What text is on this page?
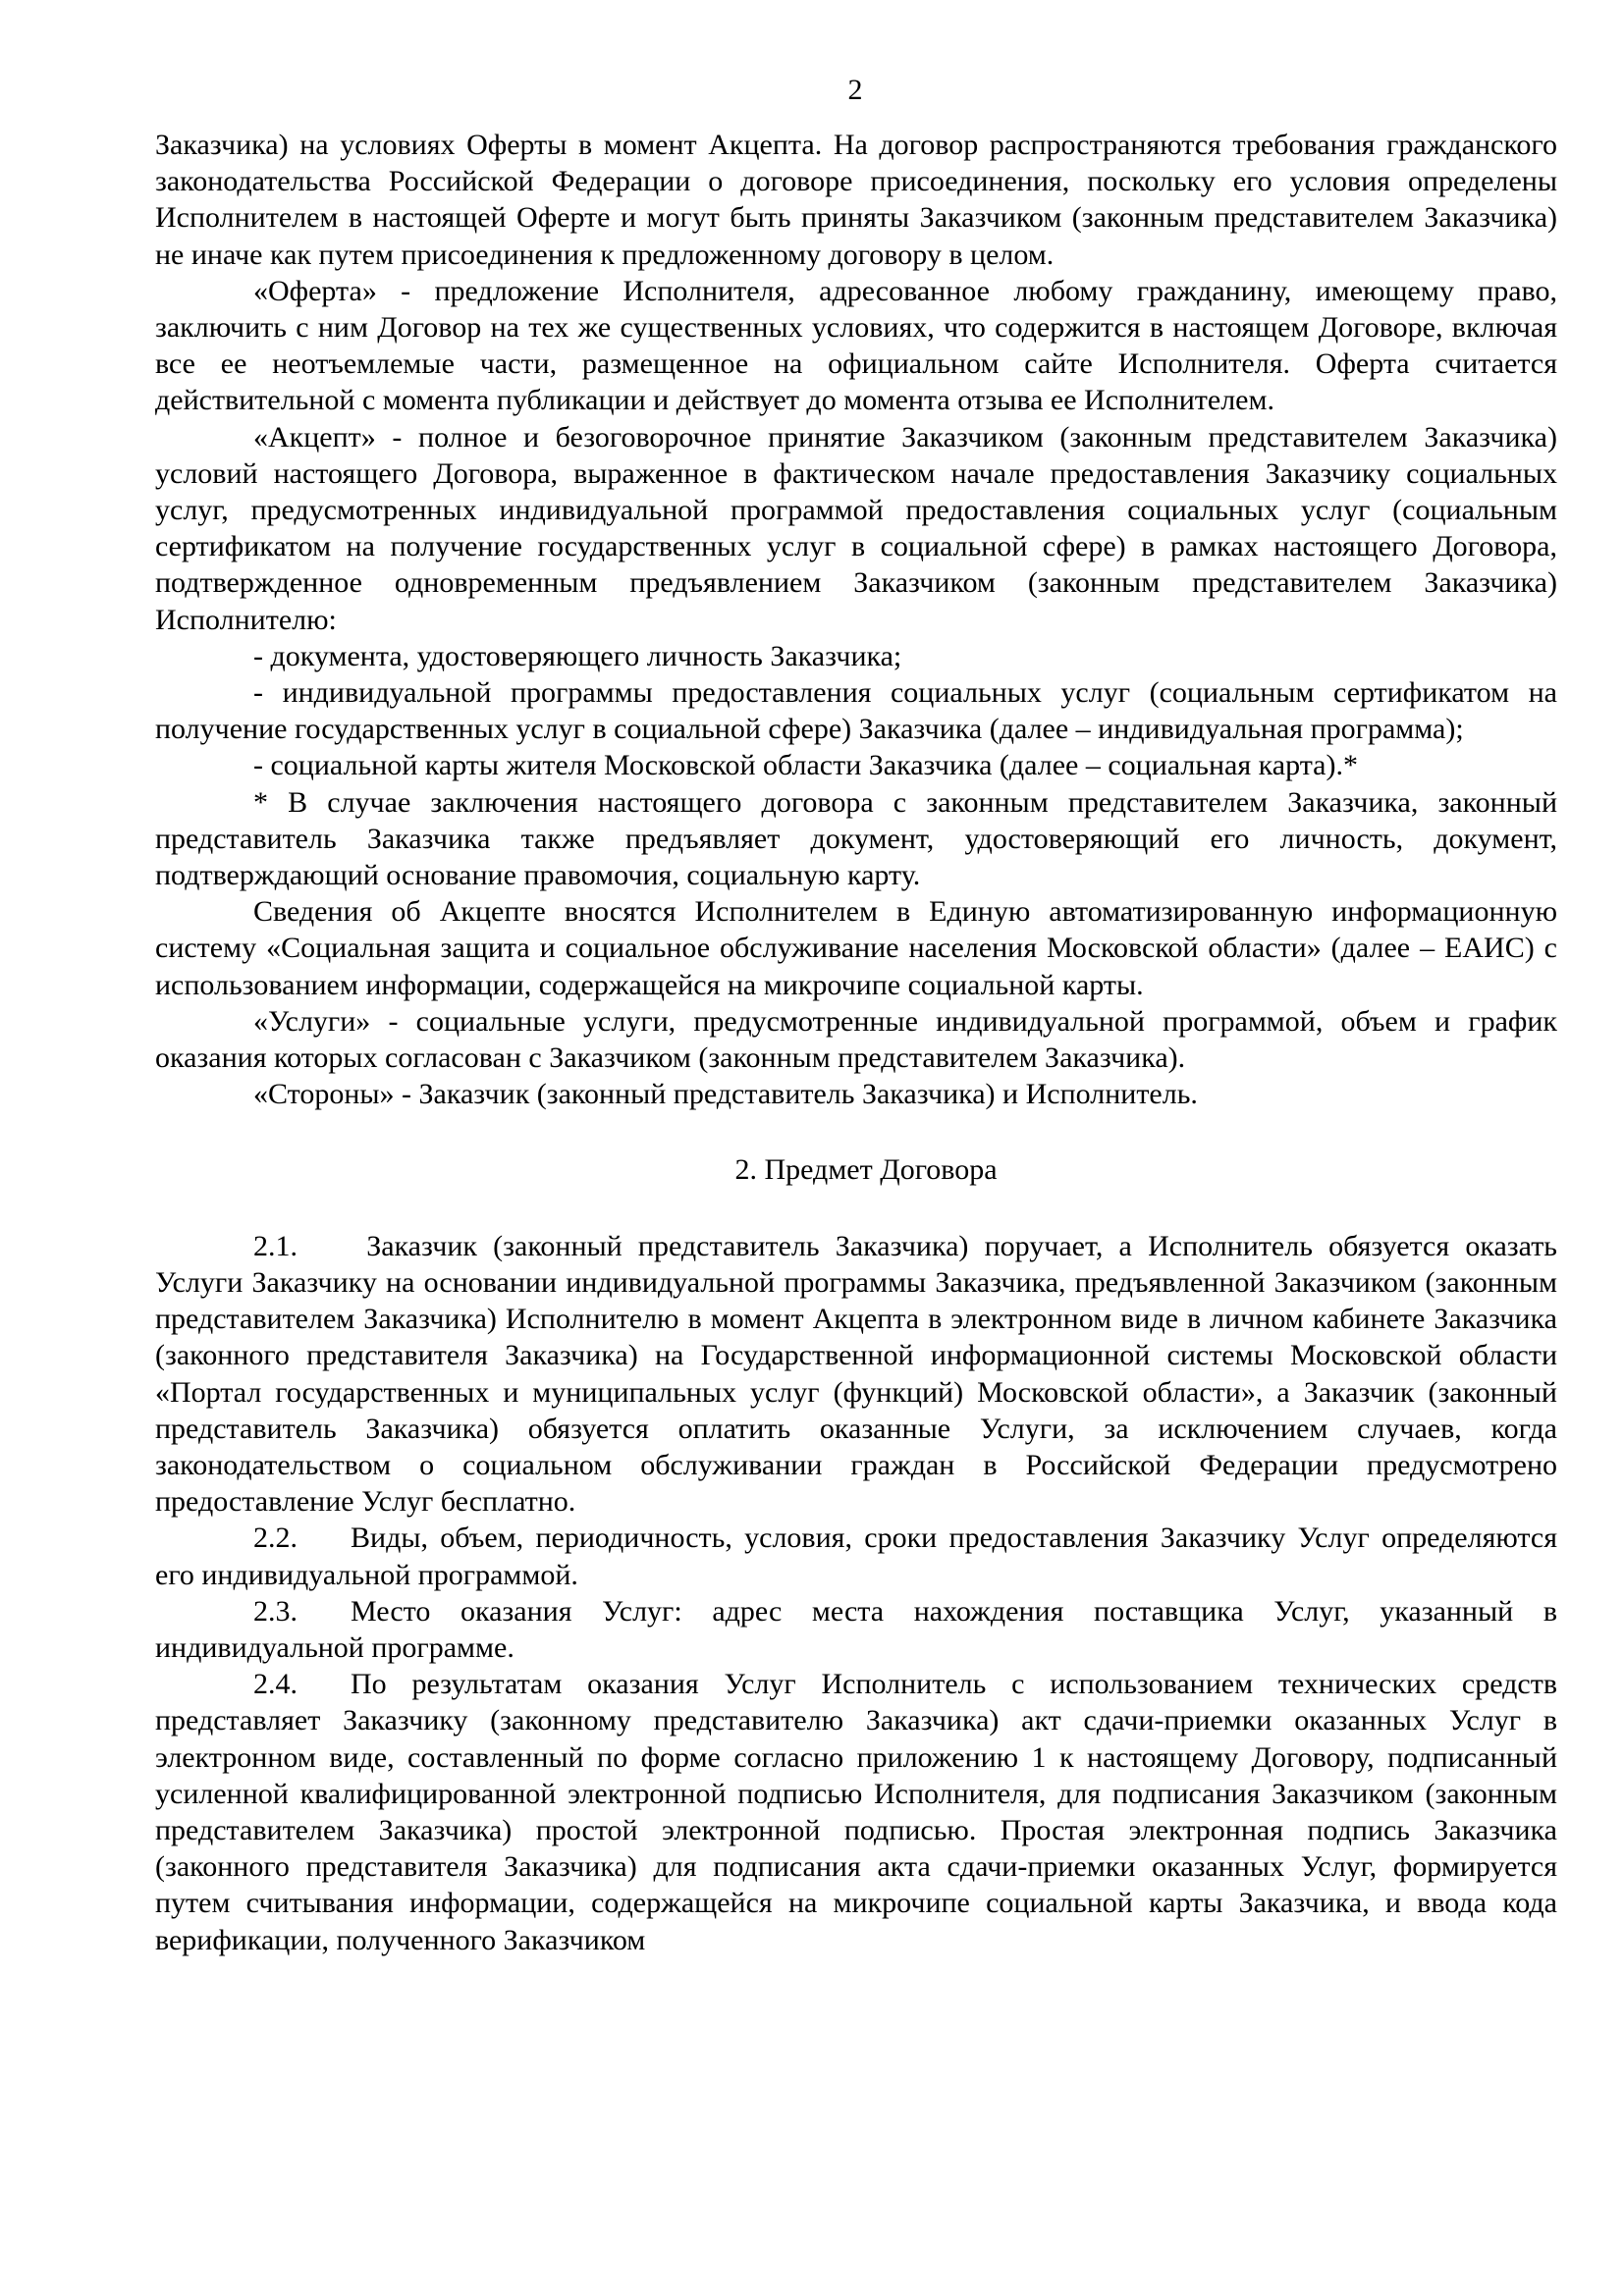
2

Заказчика) на условиях Оферты в момент Акцепта. На договор распространяются требования гражданского законодательства Российской Федерации о договоре присоединения, поскольку его условия определены Исполнителем в настоящей Оферте и могут быть приняты Заказчиком (законным представителем Заказчика) не иначе как путем присоединения к предложенному договору в целом.

«Оферта» - предложение Исполнителя, адресованное любому гражданину, имеющему право, заключить с ним Договор на тех же существенных условиях, что содержится в настоящем Договоре, включая все ее неотъемлемые части, размещенное на официальном сайте Исполнителя. Оферта считается действительной с момента публикации и действует до момента отзыва ее Исполнителем.

«Акцепт» - полное и безоговорочное принятие Заказчиком (законным представителем Заказчика) условий настоящего Договора, выраженное в фактическом начале предоставления Заказчику социальных услуг, предусмотренных индивидуальной программой предоставления социальных услуг (социальным сертификатом на получение государственных услуг в социальной сфере) в рамках настоящего Договора, подтвержденное одновременным предъявлением Заказчиком (законным представителем Заказчика) Исполнителю:

- документа, удостоверяющего личность Заказчика;

- индивидуальной программы предоставления социальных услуг (социальным сертификатом на получение государственных услуг в социальной сфере) Заказчика (далее – индивидуальная программа);

- социальной карты жителя Московской области Заказчика (далее – социальная карта).*

* В случае заключения настоящего договора с законным представителем Заказчика, законный представитель Заказчика также предъявляет документ, удостоверяющий его личность, документ, подтверждающий основание правомочия, социальную карту.

Сведения об Акцепте вносятся Исполнителем в Единую автоматизированную информационную систему «Социальная защита и социальное обслуживание населения Московской области» (далее – ЕАИС) с использованием информации, содержащейся на микрочипе социальной карты.

«Услуги» - социальные услуги, предусмотренные индивидуальной программой, объем и график оказания которых согласован с Заказчиком (законным представителем Заказчика).

«Стороны» - Заказчик (законный представитель Заказчика) и Исполнитель.

2. Предмет Договора

2.1. Заказчик (законный представитель Заказчика) поручает, а Исполнитель обязуется оказать Услуги Заказчику на основании индивидуальной программы Заказчика, предъявленной Заказчиком (законным представителем Заказчика) Исполнителю в момент Акцепта в электронном виде в личном кабинете Заказчика (законного представителя Заказчика) на Государственной информационной системы Московской области «Портал государственных и муниципальных услуг (функций) Московской области», а Заказчик (законный представитель Заказчика) обязуется оплатить оказанные Услуги, за исключением случаев, когда законодательством о социальном обслуживании граждан в Российской Федерации предусмотрено предоставление Услуг бесплатно.

2.2. Виды, объем, периодичность, условия, сроки предоставления Заказчику Услуг определяются его индивидуальной программой.

2.3. Место оказания Услуг: адрес места нахождения поставщика Услуг, указанный в индивидуальной программе.

2.4. По результатам оказания Услуг Исполнитель с использованием технических средств представляет Заказчику (законному представителю Заказчика) акт сдачи-приемки оказанных Услуг в электронном виде, составленный по форме согласно приложению 1 к настоящему Договору, подписанный усиленной квалифицированной электронной подписью Исполнителя, для подписания Заказчиком (законным представителем Заказчика) простой электронной подписью. Простая электронная подпись Заказчика (законного представителя Заказчика) для подписания акта сдачи-приемки оказанных Услуг, формируется путем считывания информации, содержащейся на микрочипе социальной карты Заказчика, и ввода кода верификации, полученного Заказчиком
